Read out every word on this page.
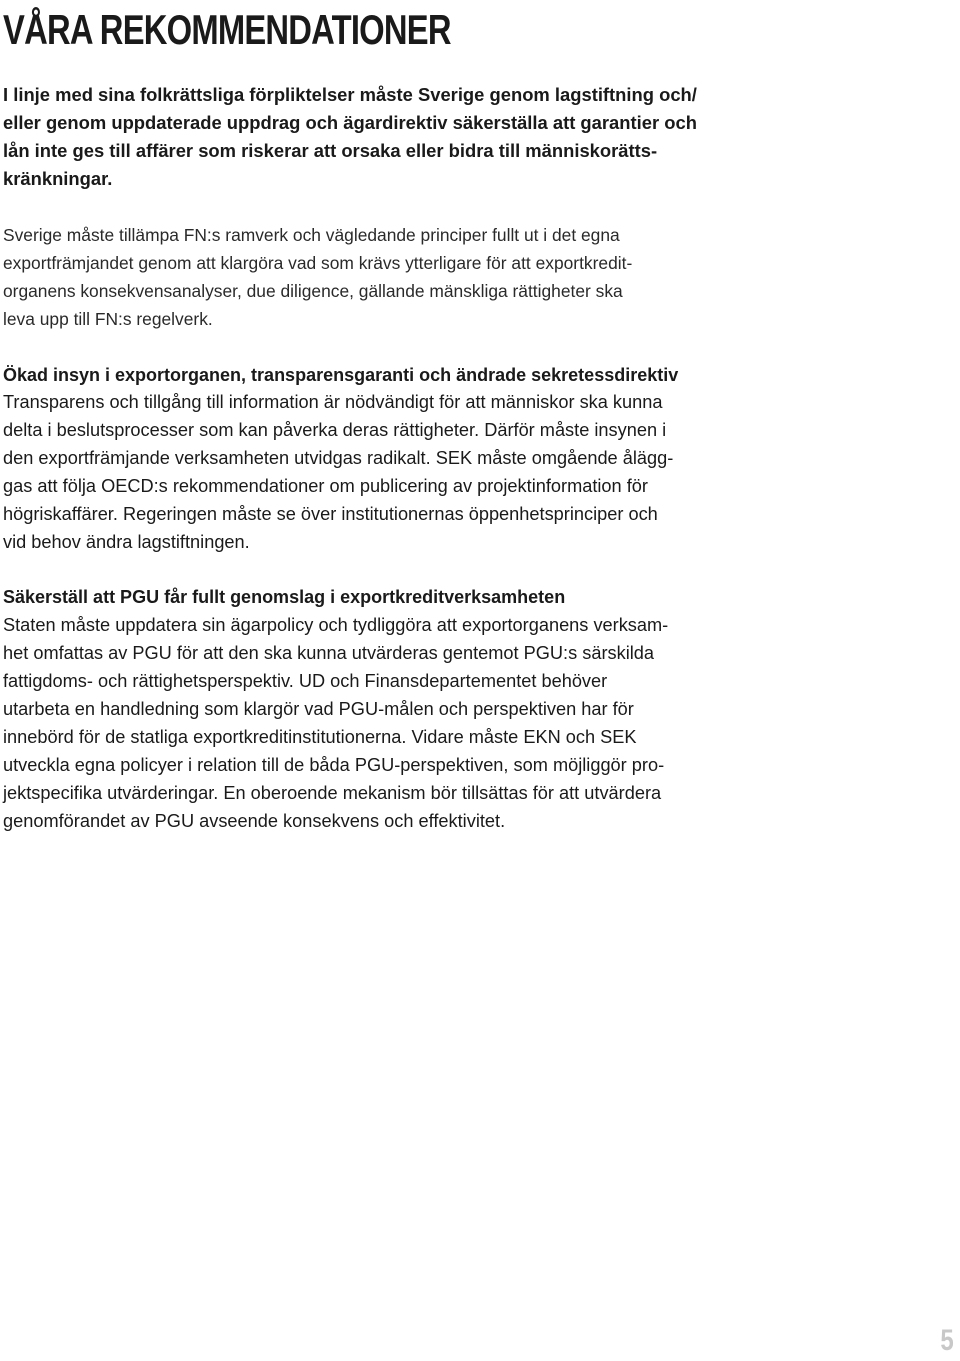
VÅRA REKOMMENDATIONER
I linje med sina folkrättsliga förpliktelser måste Sverige genom lagstiftning och/
eller genom uppdaterade uppdrag och ägardirektiv säkerställa att garantier och
lån inte ges till affärer som riskerar att orsaka eller bidra till människorätts-
kränkningar.
Sverige måste tillämpa FN:s ramverk och vägledande principer fullt ut i det egna
exportfrämjandet genom att klargöra vad som krävs ytterligare för att exportkredit-
organens konsekvensanalyser, due diligence, gällande mänskliga rättigheter ska
leva upp till FN:s regelverk.
Ökad insyn i exportorganen, transparensgaranti och ändrade sekretessdirektiv
Transparens och tillgång till information är nödvändigt för att människor ska kunna
delta i beslutsprocesser som kan påverka deras rättigheter. Därför måste insynen i
den exportfrämjande verksamheten utvidgas radikalt. SEK måste omgående ålägg-
gas att följa OECD:s rekommendationer om publicering av projektinformation för
högriskaffärer. Regeringen måste se över institutionernas öppenhetsprinciper och
vid behov ändra lagstiftningen.
Säkerställ att PGU får fullt genomslag i exportkreditverksamheten
Staten måste uppdatera sin ägarpolicy och tydliggöra att exportorganens verksam-
het omfattas av PGU för att den ska kunna utvärderas gentemot PGU:s särskilda
fattigdoms- och rättighetsperspektiv. UD och Finansdepartementet behöver
utarbeta en handledning som klargör vad PGU-målen och perspektiven har för
innebörd för de statliga exportkreditinstitutionerna. Vidare måste EKN och SEK
utveckla egna policyer i relation till de båda PGU-perspektiven, som möjliggör pro-
jektspecifika utvärderingar. En oberoende mekanism bör tillsättas för att utvärdera
genomförandet av PGU avseende konsekvens och effektivitet.
5
